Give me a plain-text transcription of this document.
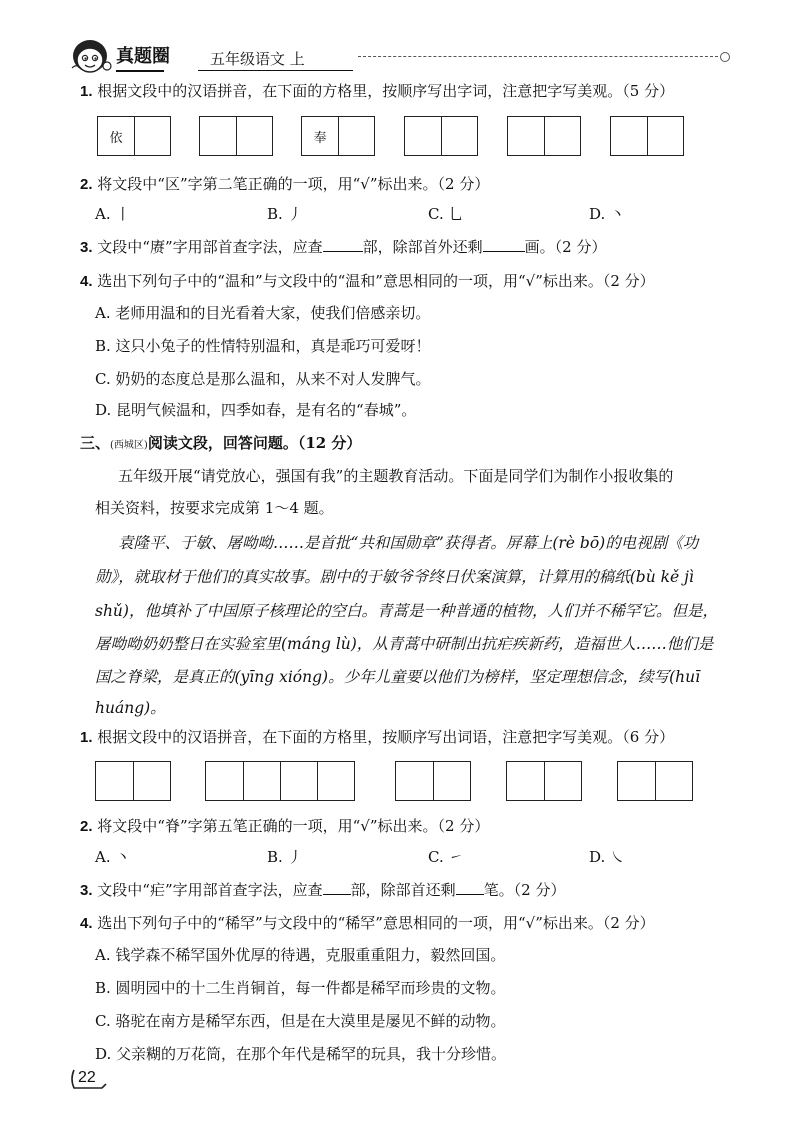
真题圈	五年级语文 上
1. 根据文段中的汉语拼音，在下面的方格里，按顺序写出字词，注意把字写美观。（5 分）
依	奉
2. 将文段中“区”字第二笔正确的一项，用“√”标出来。（2 分）
A. 丨	B. 丿	C. 乚	D. 丶
3. 文段中“赓”字用部首查字法，应查	部，除部首外还剩	画。（2 分）
4. 选出下列句子中的“温和”与文段中的“温和”意思相同的一项，用“√”标出来。（2 分）
A. 老师用温和的目光看着大家，使我们倍感亲切。
B. 这只小兔子的性情特别温和，真是乖巧可爱呀！
C. 奶奶的态度总是那么温和，从来不对人发脾气。
D. 昆明气候温和，四季如春，是有名的“春城”。
三、(西城区)阅读文段，回答问题。（12 分）
五年级开展“请党放心，强国有我”的主题教育活动。下面是同学们为制作小报收集的
相关资料，按要求完成第 1～4 题。
袁隆平、于敏、屠呦呦……是首批“共和国勋章”获得者。屏幕上(rè bō)的电视剧《功
勋》，就取材于他们的真实故事。剧中的于敏爷爷终日伏案演算，计算用的稿纸(bù kě jì
shǔ)，他填补了中国原子核理论的空白。青蒿是一种普通的植物，人们并不稀罕它。但是，
屠呦呦奶奶整日在实验室里(máng lù)，从青蒿中研制出抗疟疾新药，造福世人……他们是
国之脊梁，是真正的(yīng xióng)。少年儿童要以他们为榜样，坚定理想信念，续写(huī
huáng)。
1. 根据文段中的汉语拼音，在下面的方格里，按顺序写出词语，注意把字写美观。（6 分）
2. 将文段中“脊”字第五笔正确的一项，用“√”标出来。（2 分）
A. 丶	B. 丿	C. ㇀	D. ㇏
3. 文段中“疟”字用部首查字法，应查 部，除部首还剩 笔。（2 分）
4. 选出下列句子中的“稀罕”与文段中的“稀罕”意思相同的一项，用“√”标出来。（2 分）
A. 钱学森不稀罕国外优厚的待遇，克服重重阻力，毅然回国。
B. 圆明园中的十二生肖铜首，每一件都是稀罕而珍贵的文物。
C. 骆驼在南方是稀罕东西，但是在大漠里是屡见不鲜的动物。
D. 父亲糊的万花筒，在那个年代是稀罕的玩具，我十分珍惜。
22
